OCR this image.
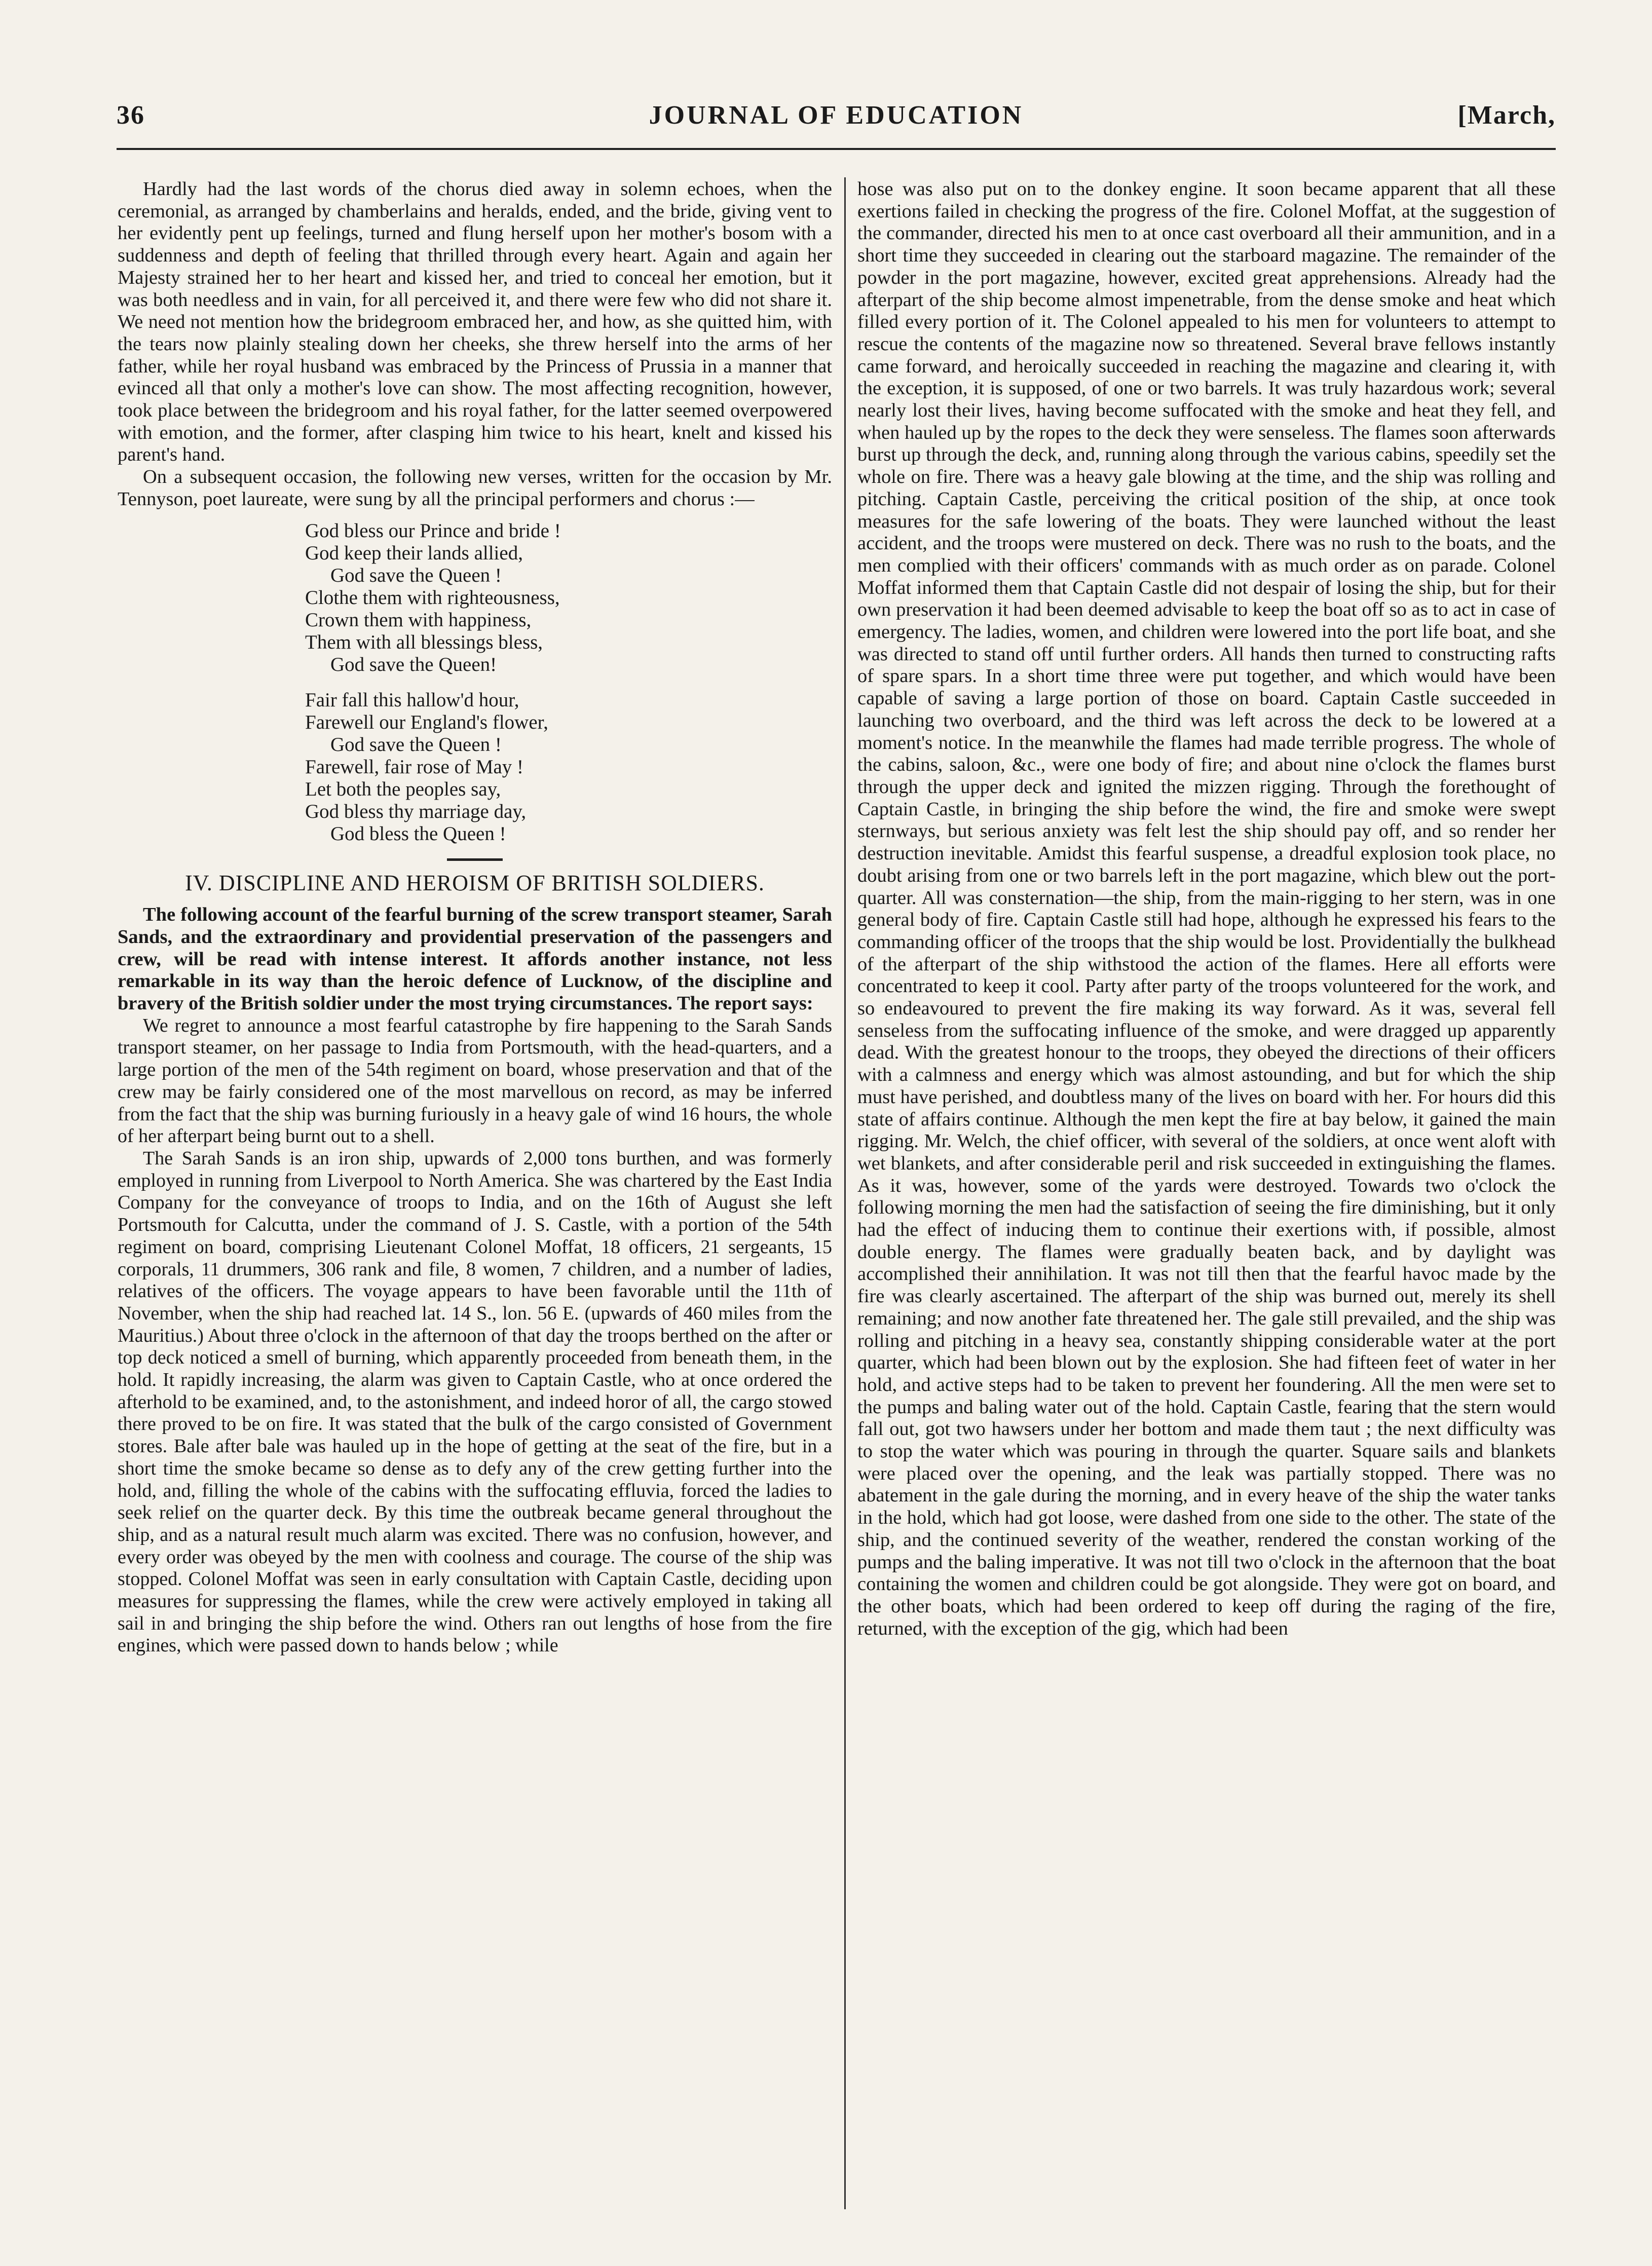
36	JOURNAL OF EDUCATION	[March,

Hardly had the last words of the chorus died away in solemn echoes, when the ceremonial, as arranged by chamberlains and heralds, ended, and the bride, giving vent to her evidently pent up feelings, turned and flung herself upon her mother's bosom with a suddenness and depth of feeling that thrilled through every heart. Again and again her Majesty strained her to her heart and kissed her, and tried to conceal her emotion, but it was both needless and in vain, for all perceived it, and there were few who did not share it. We need not mention how the bridegroom embraced her, and how, as she quitted him, with the tears now plainly stealing down her cheeks, she threw herself into the arms of her father, while her royal husband was embraced by the Princess of Prussia in a manner that evinced all that only a mother's love can show. The most affecting recognition, however, took place between the bridegroom and his royal father, for the latter seemed overpowered with emotion, and the former, after clasping him twice to his heart, knelt and kissed his parent's hand.

On a subsequent occasion, the following new verses, written for the occasion by Mr. Tennyson, poet laureate, were sung by all the principal performers and chorus :—

God bless our Prince and bride !
God keep their lands allied,
God save the Queen !
Clothe them with righteousness,
Crown them with happiness,
Them with all blessings bless,
God save the Queen!
Fair fall this hallow'd hour,
Farewell our England's flower,
God save the Queen !
Farewell, fair rose of May !
Let both the peoples say,
God bless thy marriage day,
God bless the Queen !
IV. DISCIPLINE AND HEROISM OF BRITISH SOLDIERS.

The following account of the fearful burning of the screw transport steamer, Sarah Sands, and the extraordinary and providential preservation of the passengers and crew, will be read with intense interest. It affords another instance, not less remarkable in its way than the heroic defence of Lucknow, of the discipline and bravery of the British soldier under the most trying circumstances. The report says:

We regret to announce a most fearful catastrophe by fire happening to the Sarah Sands transport steamer, on her passage to India from Portsmouth, with the head-quarters, and a large portion of the men of the 54th regiment on board, whose preservation and that of the crew may be fairly considered one of the most marvellous on record, as may be inferred from the fact that the ship was burning furiously in a heavy gale of wind 16 hours, the whole of her afterpart being burnt out to a shell.

The Sarah Sands is an iron ship, upwards of 2,000 tons burthen, and was formerly employed in running from Liverpool to North America. She was chartered by the East India Company for the conveyance of troops to India, and on the 16th of August she left Portsmouth for Calcutta, under the command of J. S. Castle, with a portion of the 54th regiment on board, comprising Lieutenant Colonel Moffat, 18 officers, 21 sergeants, 15 corporals, 11 drummers, 306 rank and file, 8 women, 7 children, and a number of ladies, relatives of the officers. The voyage appears to have been favorable until the 11th of November, when the ship had reached lat. 14 S., lon. 56 E. (upwards of 460 miles from the Mauritius.) About three o'clock in the afternoon of that day the troops berthed on the after or top deck noticed a smell of burning, which apparently proceeded from beneath them, in the hold. It rapidly increasing, the alarm was given to Captain Castle, who at once ordered the afterhold to be examined, and, to the astonishment, and indeed horor of all, the cargo stowed there proved to be on fire. It was stated that the bulk of the cargo consisted of Government stores. Bale after bale was hauled up in the hope of getting at the seat of the fire, but in a short time the smoke became so dense as to defy any of the crew getting further into the hold, and, filling the whole of the cabins with the suffocating effluvia, forced the ladies to seek relief on the quarter deck. By this time the outbreak became general throughout the ship, and as a natural result much alarm was excited. There was no confusion, however, and every order was obeyed by the men with coolness and courage. The course of the ship was stopped. Colonel Moffat was seen in early consultation with Captain Castle, deciding upon measures for suppressing the flames, while the crew were actively employed in taking all sail in and bringing the ship before the wind. Others ran out lengths of hose from the fire engines, which were passed down to hands below ; while

hose was also put on to the donkey engine. It soon became apparent that all these exertions failed in checking the progress of the fire. Colonel Moffat, at the suggestion of the commander, directed his men to at once cast overboard all their ammunition, and in a short time they succeeded in clearing out the starboard magazine. The remainder of the powder in the port magazine, however, excited great apprehensions. Already had the afterpart of the ship become almost impenetrable, from the dense smoke and heat which filled every portion of it. The Colonel appealed to his men for volunteers to attempt to rescue the contents of the magazine now so threatened. Several brave fellows instantly came forward, and heroically succeeded in reaching the magazine and clearing it, with the exception, it is supposed, of one or two barrels. It was truly hazardous work; several nearly lost their lives, having become suffocated with the smoke and heat they fell, and when hauled up by the ropes to the deck they were senseless. The flames soon afterwards burst up through the deck, and, running along through the various cabins, speedily set the whole on fire. There was a heavy gale blowing at the time, and the ship was rolling and pitching. Captain Castle, perceiving the critical position of the ship, at once took measures for the safe lowering of the boats. They were launched without the least accident, and the troops were mustered on deck. There was no rush to the boats, and the men complied with their officers' commands with as much order as on parade. Colonel Moffat informed them that Captain Castle did not despair of losing the ship, but for their own preservation it had been deemed advisable to keep the boat off so as to act in case of emergency. The ladies, women, and children were lowered into the port life boat, and she was directed to stand off until further orders. All hands then turned to constructing rafts of spare spars. In a short time three were put together, and which would have been capable of saving a large portion of those on board. Captain Castle succeeded in launching two overboard, and the third was left across the deck to be lowered at a moment's notice. In the meanwhile the flames had made terrible progress. The whole of the cabins, saloon, &c., were one body of fire; and about nine o'clock the flames burst through the upper deck and ignited the mizzen rigging. Through the forethought of Captain Castle, in bringing the ship before the wind, the fire and smoke were swept sternways, but serious anxiety was felt lest the ship should pay off, and so render her destruction inevitable. Amidst this fearful suspense, a dreadful explosion took place, no doubt arising from one or two barrels left in the port magazine, which blew out the port-quarter. All was consternation—the ship, from the main-rigging to her stern, was in one general body of fire. Captain Castle still had hope, although he expressed his fears to the commanding officer of the troops that the ship would be lost. Providentially the bulkhead of the afterpart of the ship withstood the action of the flames. Here all efforts were concentrated to keep it cool. Party after party of the troops volunteered for the work, and so endeavoured to prevent the fire making its way forward. As it was, several fell senseless from the suffocating influence of the smoke, and were dragged up apparently dead. With the greatest honour to the troops, they obeyed the directions of their officers with a calmness and energy which was almost astounding, and but for which the ship must have perished, and doubtless many of the lives on board with her. For hours did this state of affairs continue. Although the men kept the fire at bay below, it gained the main rigging. Mr. Welch, the chief officer, with several of the soldiers, at once went aloft with wet blankets, and after considerable peril and risk succeeded in extinguishing the flames. As it was, however, some of the yards were destroyed. Towards two o'clock the following morning the men had the satisfaction of seeing the fire diminishing, but it only had the effect of inducing them to continue their exertions with, if possible, almost double energy. The flames were gradually beaten back, and by daylight was accomplished their annihilation. It was not till then that the fearful havoc made by the fire was clearly ascertained. The afterpart of the ship was burned out, merely its shell remaining; and now another fate threatened her. The gale still prevailed, and the ship was rolling and pitching in a heavy sea, constantly shipping considerable water at the port quarter, which had been blown out by the explosion. She had fifteen feet of water in her hold, and active steps had to be taken to prevent her foundering. All the men were set to the pumps and baling water out of the hold. Captain Castle, fearing that the stern would fall out, got two hawsers under her bottom and made them taut ; the next difficulty was to stop the water which was pouring in through the quarter. Square sails and blankets were placed over the opening, and the leak was partially stopped. There was no abatement in the gale during the morning, and in every heave of the ship the water tanks in the hold, which had got loose, were dashed from one side to the other. The state of the ship, and the continued severity of the weather, rendered the constan working of the pumps and the baling imperative. It was not till two o'clock in the afternoon that the boat containing the women and children could be got alongside. They were got on board, and the other boats, which had been ordered to keep off during the raging of the fire, returned, with the exception of the gig, which had been
